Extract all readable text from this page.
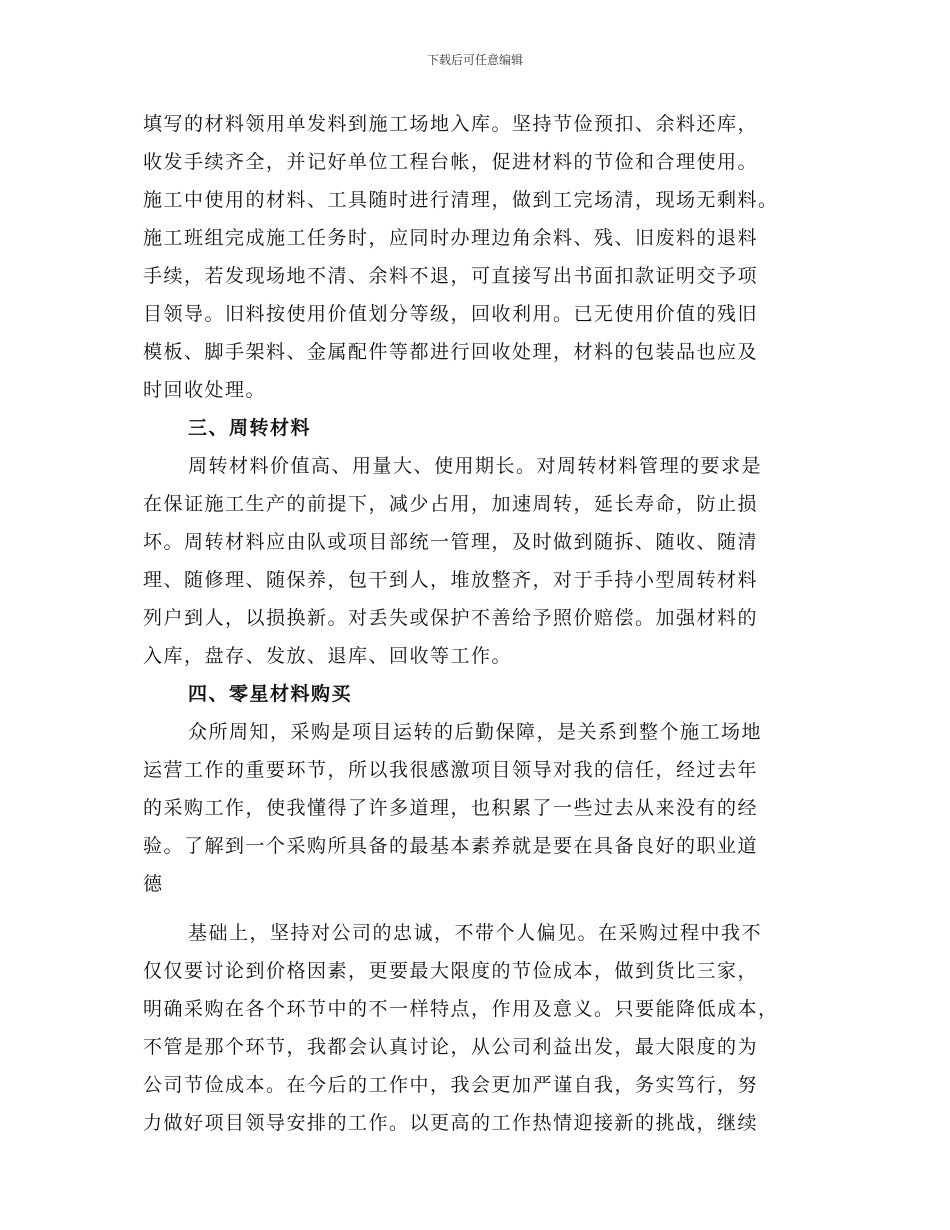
下载后可任意编辑
填写的材料领用单发料到施工场地入库。坚持节俭预扣、余料还库，
收发手续齐全，并记好单位工程台帐，促进材料的节俭和合理使用。
施工中使用的材料、工具随时进行清理，做到工完场清，现场无剩料。
施工班组完成施工任务时，应同时办理边角余料、残、旧废料的退料
手续，若发现场地不清、余料不退，可直接写出书面扣款证明交予项
目领导。旧料按使用价值划分等级，回收利用。已无使用价值的残旧
模板、脚手架料、金属配件等都进行回收处理，材料的包装品也应及
时回收处理。
三、周转材料
周转材料价值高、用量大、使用期长。对周转材料管理的要求是
在保证施工生产的前提下，减少占用，加速周转，延长寿命，防止损
坏。周转材料应由队或项目部统一管理，及时做到随拆、随收、随清
理、随修理、随保养，包干到人，堆放整齐，对于手持小型周转材料
列户到人，以损换新。对丢失或保护不善给予照价赔偿。加强材料的
入库，盘存、发放、退库、回收等工作。
四、零星材料购买
众所周知，采购是项目运转的后勤保障，是关系到整个施工场地
运营工作的重要环节，所以我很感激项目领导对我的信任，经过去年
的采购工作，使我懂得了许多道理，也积累了一些过去从来没有的经
验。了解到一个采购所具备的最基本素养就是要在具备良好的职业道
德
基础上，坚持对公司的忠诚，不带个人偏见。在采购过程中我不
仅仅要讨论到价格因素，更要最大限度的节俭成本，做到货比三家，
明确采购在各个环节中的不一样特点，作用及意义。只要能降低成本，
不管是那个环节，我都会认真讨论，从公司利益出发，最大限度的为
公司节俭成本。在今后的工作中，我会更加严谨自我，务实笃行，努
力做好项目领导安排的工作。以更高的工作热情迎接新的挑战，继续
